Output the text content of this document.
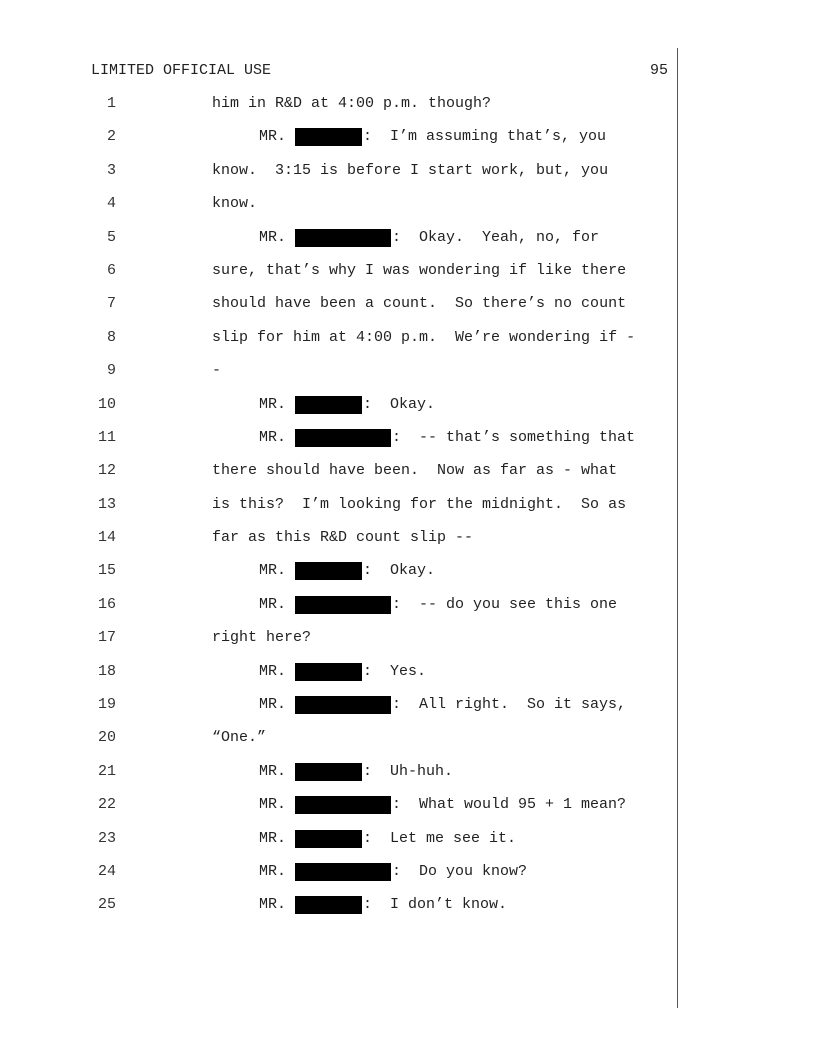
LIMITED OFFICIAL USE	95
1	him in R&D at 4:00 p.m. though?
2	MR.	:  I’m assuming that’s, you
3	know.  3:15 is before I start work, but, you
4	know.
5	MR.	:  Okay.  Yeah, no, for
6	sure, that’s why I was wondering if like there
7	should have been a count.  So there’s no count
8	slip for him at 4:00 p.m.  We’re wondering if -
9	-
10	MR.	:  Okay.
11	MR.	:  -- that’s something that
12	there should have been.  Now as far as - what
13	is this?  I’m looking for the midnight.  So as
14	far as this R&D count slip --
15	MR.	:  Okay.
16	MR.	:  -- do you see this one
17	right here?
18	MR.	:  Yes.
19	MR.	:  All right.  So it says,
20	“One.”
21	MR.	:  Uh-huh.
22	MR.	:  What would 95 + 1 mean?
23	MR.	:  Let me see it.
24	MR.	:  Do you know?
25	MR.	:  I don’t know.
